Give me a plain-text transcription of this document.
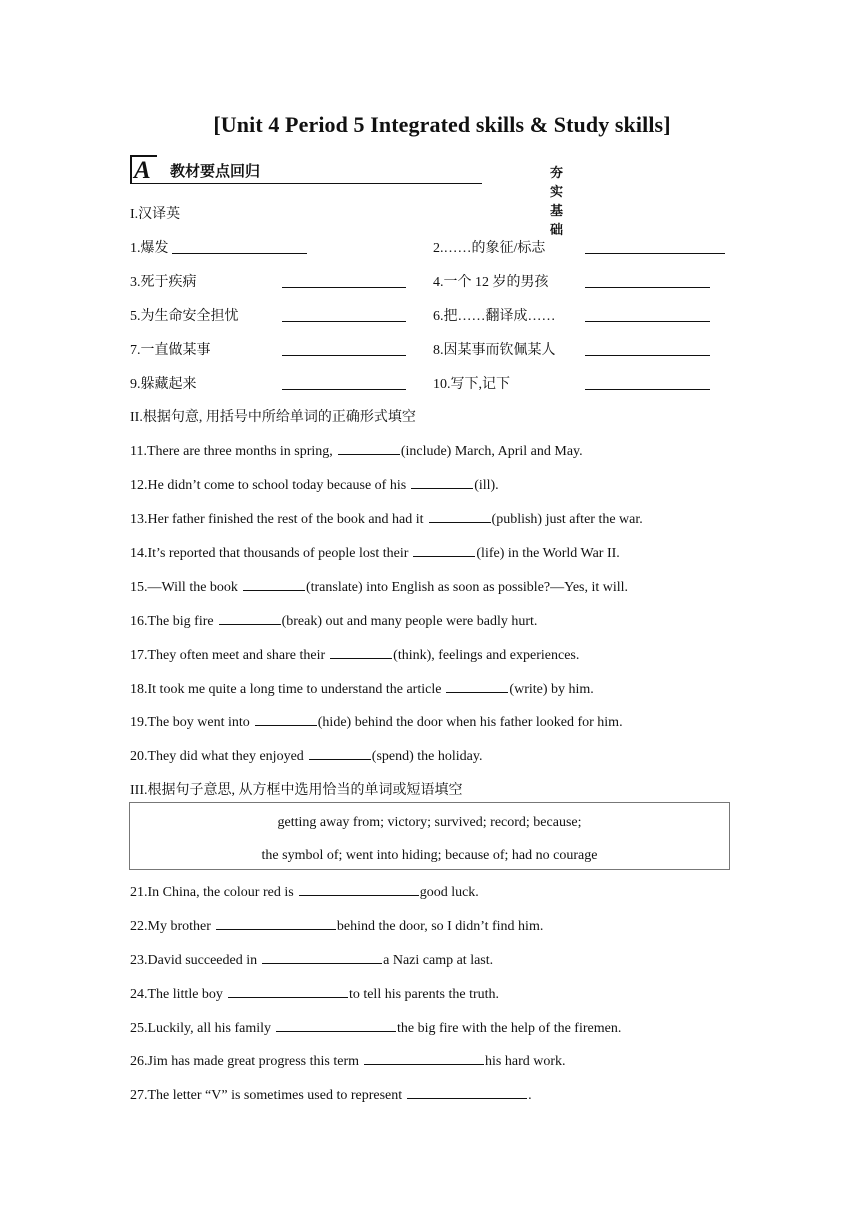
[Unit 4 Period 5 Integrated skills & Study skills]
A 教材要点回归	夯实基础
I.汉译英
1.爆发	2.……的象征/标志
3.死于疾病	4.一个 12 岁的男孩
5.为生命安全担忧	6.把……翻译成……
7.一直做某事	8.因某事而钦佩某人
9.躲藏起来	10.写下,记下
II.根据句意, 用括号中所给单词的正确形式填空
11.There are three months in spring,	(include) March, April and May.
12.He didn’t come to school today because of his	(ill).
13.Her father finished the rest of the book and had it	(publish) just after the war.
14.It’s reported that thousands of people lost their	(life) in the World War II.
15.—Will the book	(translate) into English as soon as possible?—Yes, it will.
16.The big fire	(break) out and many people were badly hurt.
17.They often meet and share their	(think), feelings and experiences.
18.It took me quite a long time to understand the article	(write) by him.
19.The boy went into	(hide) behind the door when his father looked for him.
20.They did what they enjoyed	(spend) the holiday.
III.根据句子意思, 从方框中选用恰当的单词或短语填空
getting away from; victory; survived; record; because;
the symbol of; went into hiding; because of; had no courage
21.In China, the colour red is	good luck.
22.My brother	behind the door, so I didn’t find him.
23.David succeeded in	a Nazi camp at last.
24.The little boy	to tell his parents the truth.
25.Luckily, all his family	the big fire with the help of the firemen.
26.Jim has made great progress this term	his hard work.
27.The letter “V” is sometimes used to represent	.
